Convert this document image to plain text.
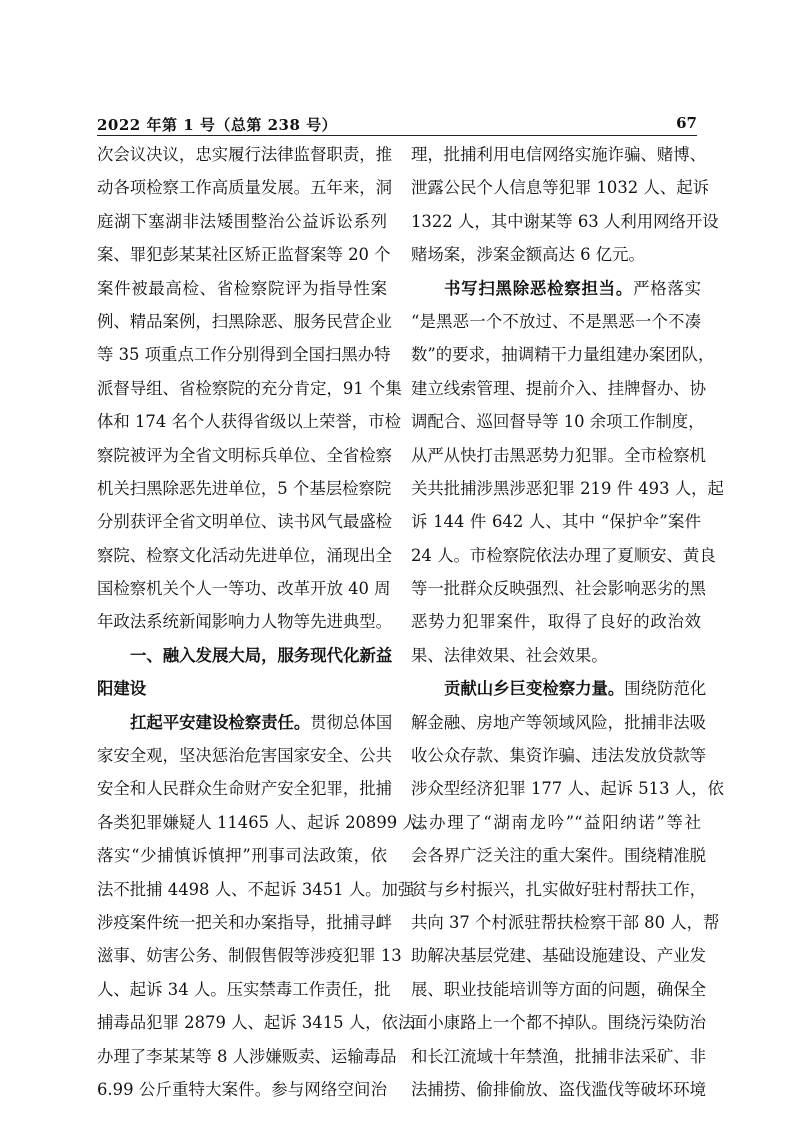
2022 年第 1 号（总第 238 号）	67
次会议决议，忠实履行法律监督职责，推
动各项检察工作高质量发展。五年来，洞
庭湖下塞湖非法矮围整治公益诉讼系列
案、罪犯彭某某社区矫正监督案等 20 个
案件被最高检、省检察院评为指导性案
例、精品案例，扫黑除恶、服务民营企业
等 35 项重点工作分别得到全国扫黑办特
派督导组、省检察院的充分肯定，91 个集
体和 174 名个人获得省级以上荣誉，市检
察院被评为全省文明标兵单位、全省检察
机关扫黑除恶先进单位，5 个基层检察院
分别获评全省文明单位、读书风气最盛检
察院、检察文化活动先进单位，涌现出全
国检察机关个人一等功、改革开放 40 周
年政法系统新闻影响力人物等先进典型。
一、融入发展大局，服务现代化新益
阳建设
扛起平安建设检察责任。贯彻总体国
家安全观，坚决惩治危害国家安全、公共
安全和人民群众生命财产安全犯罪，批捕
各类犯罪嫌疑人 11465 人、起诉 20899 人。
落实“少捕慎诉慎押”刑事司法政策，依
法不批捕 4498 人、不起诉 3451 人。加强
涉疫案件统一把关和办案指导，批捕寻衅
滋事、妨害公务、制假售假等涉疫犯罪 13
人、起诉 34 人。压实禁毒工作责任，批
捕毒品犯罪 2879 人、起诉 3415 人，依法
办理了李某某等 8 人涉嫌贩卖、运输毒品
6.99 公斤重特大案件。参与网络空间治
理，批捕利用电信网络实施诈骗、赌博、
泄露公民个人信息等犯罪 1032 人、起诉
1322 人，其中谢某等 63 人利用网络开设
赌场案，涉案金额高达 6 亿元。
书写扫黑除恶检察担当。严格落实
“是黑恶一个不放过、不是黑恶一个不凑
数”的要求，抽调精干力量组建办案团队，
建立线索管理、提前介入、挂牌督办、协
调配合、巡回督导等 10 余项工作制度，
从严从快打击黑恶势力犯罪。全市检察机
关共批捕涉黑涉恶犯罪 219 件 493 人，起
诉 144 件 642 人、其中 “保护伞”案件
24 人。市检察院依法办理了夏顺安、黄良
等一批群众反映强烈、社会影响恶劣的黑
恶势力犯罪案件，取得了良好的政治效
果、法律效果、社会效果。
贡献山乡巨变检察力量。围绕防范化
解金融、房地产等领域风险，批捕非法吸
收公众存款、集资诈骗、违法发放贷款等
涉众型经济犯罪 177 人、起诉 513 人，依
法办理了“湖南龙吟”“益阳纳诺”等社
会各界广泛关注的重大案件。围绕精准脱
贫与乡村振兴，扎实做好驻村帮扶工作，
共向 37 个村派驻帮扶检察干部 80 人，帮
助解决基层党建、基础设施建设、产业发
展、职业技能培训等方面的问题，确保全
面小康路上一个都不掉队。围绕污染防治
和长江流域十年禁渔，批捕非法采矿、非
法捕捞、偷排偷放、盗伐滥伐等破坏环境
